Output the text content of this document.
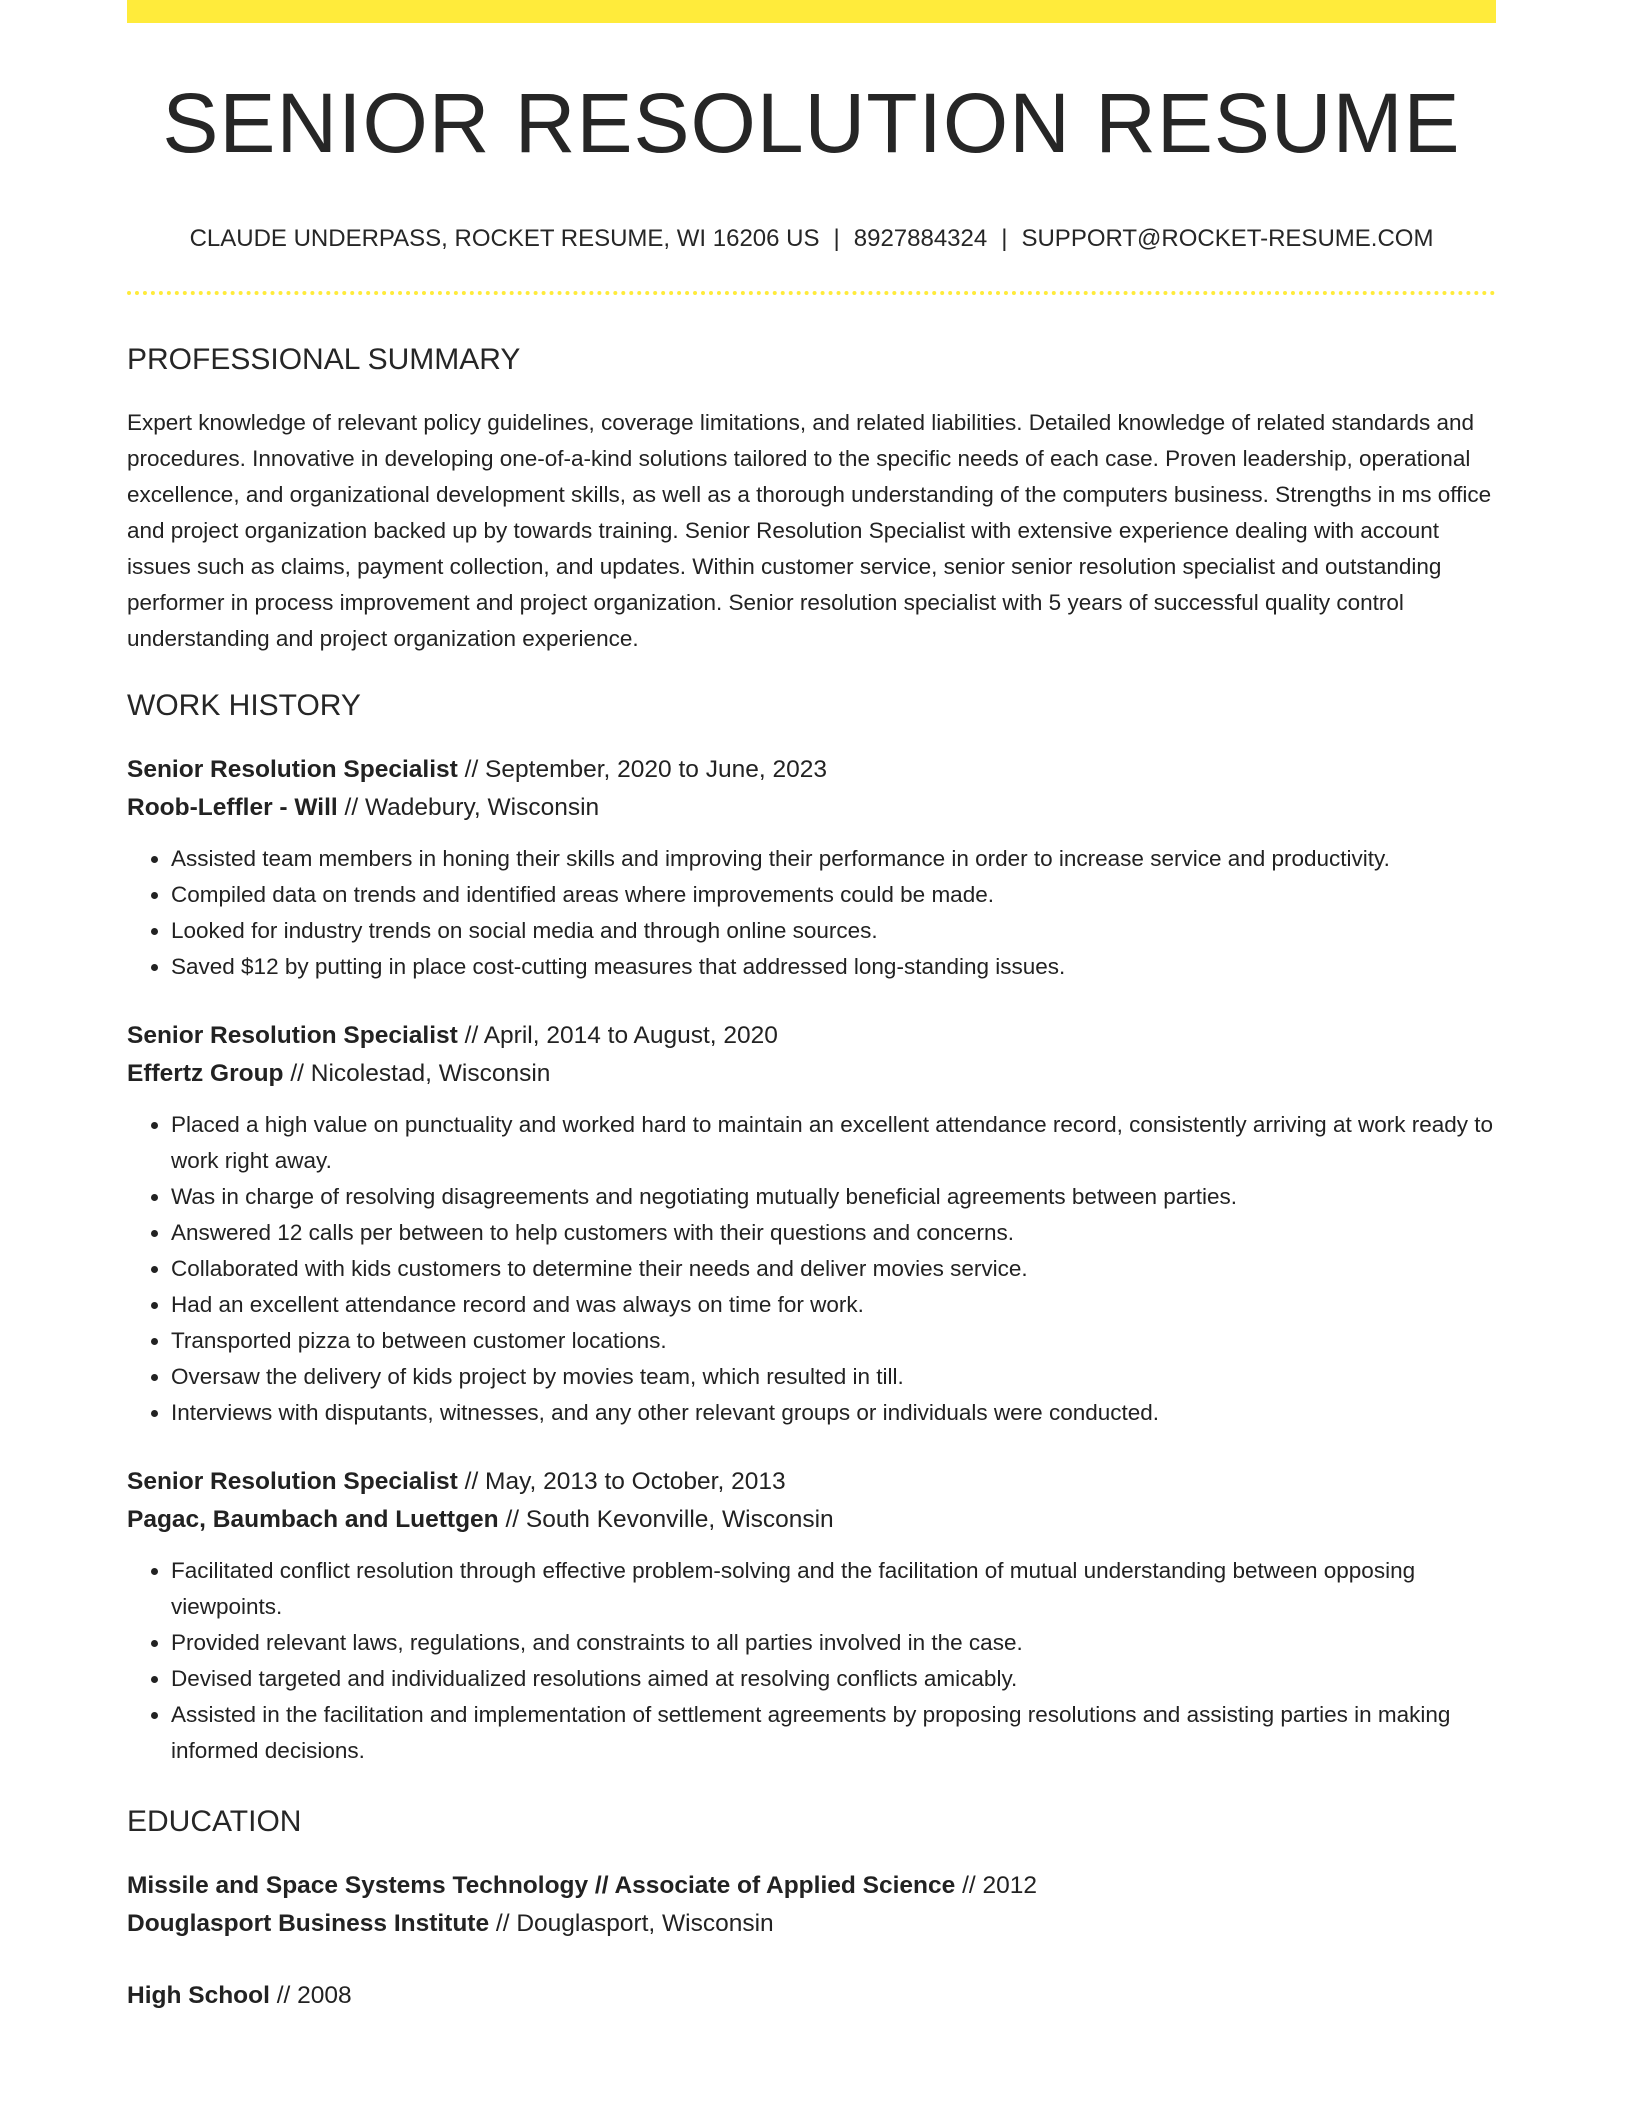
SENIOR RESOLUTION RESUME
CLAUDE UNDERPASS, ROCKET RESUME, WI 16206 US | 8927884324 | SUPPORT@ROCKET-RESUME.COM
PROFESSIONAL SUMMARY
Expert knowledge of relevant policy guidelines, coverage limitations, and related liabilities. Detailed knowledge of related standards and procedures. Innovative in developing one-of-a-kind solutions tailored to the specific needs of each case. Proven leadership, operational excellence, and organizational development skills, as well as a thorough understanding of the computers business. Strengths in ms office and project organization backed up by towards training. Senior Resolution Specialist with extensive experience dealing with account issues such as claims, payment collection, and updates. Within customer service, senior senior resolution specialist and outstanding performer in process improvement and project organization. Senior resolution specialist with 5 years of successful quality control understanding and project organization experience.
WORK HISTORY
Senior Resolution Specialist // September, 2020 to June, 2023
Roob-Leffler - Will // Wadebury, Wisconsin
• Assisted team members in honing their skills and improving their performance in order to increase service and productivity.
• Compiled data on trends and identified areas where improvements could be made.
• Looked for industry trends on social media and through online sources.
• Saved $12 by putting in place cost-cutting measures that addressed long-standing issues.
Senior Resolution Specialist // April, 2014 to August, 2020
Effertz Group // Nicolestad, Wisconsin
• Placed a high value on punctuality and worked hard to maintain an excellent attendance record, consistently arriving at work ready to work right away.
• Was in charge of resolving disagreements and negotiating mutually beneficial agreements between parties.
• Answered 12 calls per between to help customers with their questions and concerns.
• Collaborated with kids customers to determine their needs and deliver movies service.
• Had an excellent attendance record and was always on time for work.
• Transported pizza to between customer locations.
• Oversaw the delivery of kids project by movies team, which resulted in till.
• Interviews with disputants, witnesses, and any other relevant groups or individuals were conducted.
Senior Resolution Specialist // May, 2013 to October, 2013
Pagac, Baumbach and Luettgen // South Kevonville, Wisconsin
• Facilitated conflict resolution through effective problem-solving and the facilitation of mutual understanding between opposing viewpoints.
• Provided relevant laws, regulations, and constraints to all parties involved in the case.
• Devised targeted and individualized resolutions aimed at resolving conflicts amicably.
• Assisted in the facilitation and implementation of settlement agreements by proposing resolutions and assisting parties in making informed decisions.
EDUCATION
Missile and Space Systems Technology // Associate of Applied Science // 2012
Douglasport Business Institute // Douglasport, Wisconsin
High School // 2008
